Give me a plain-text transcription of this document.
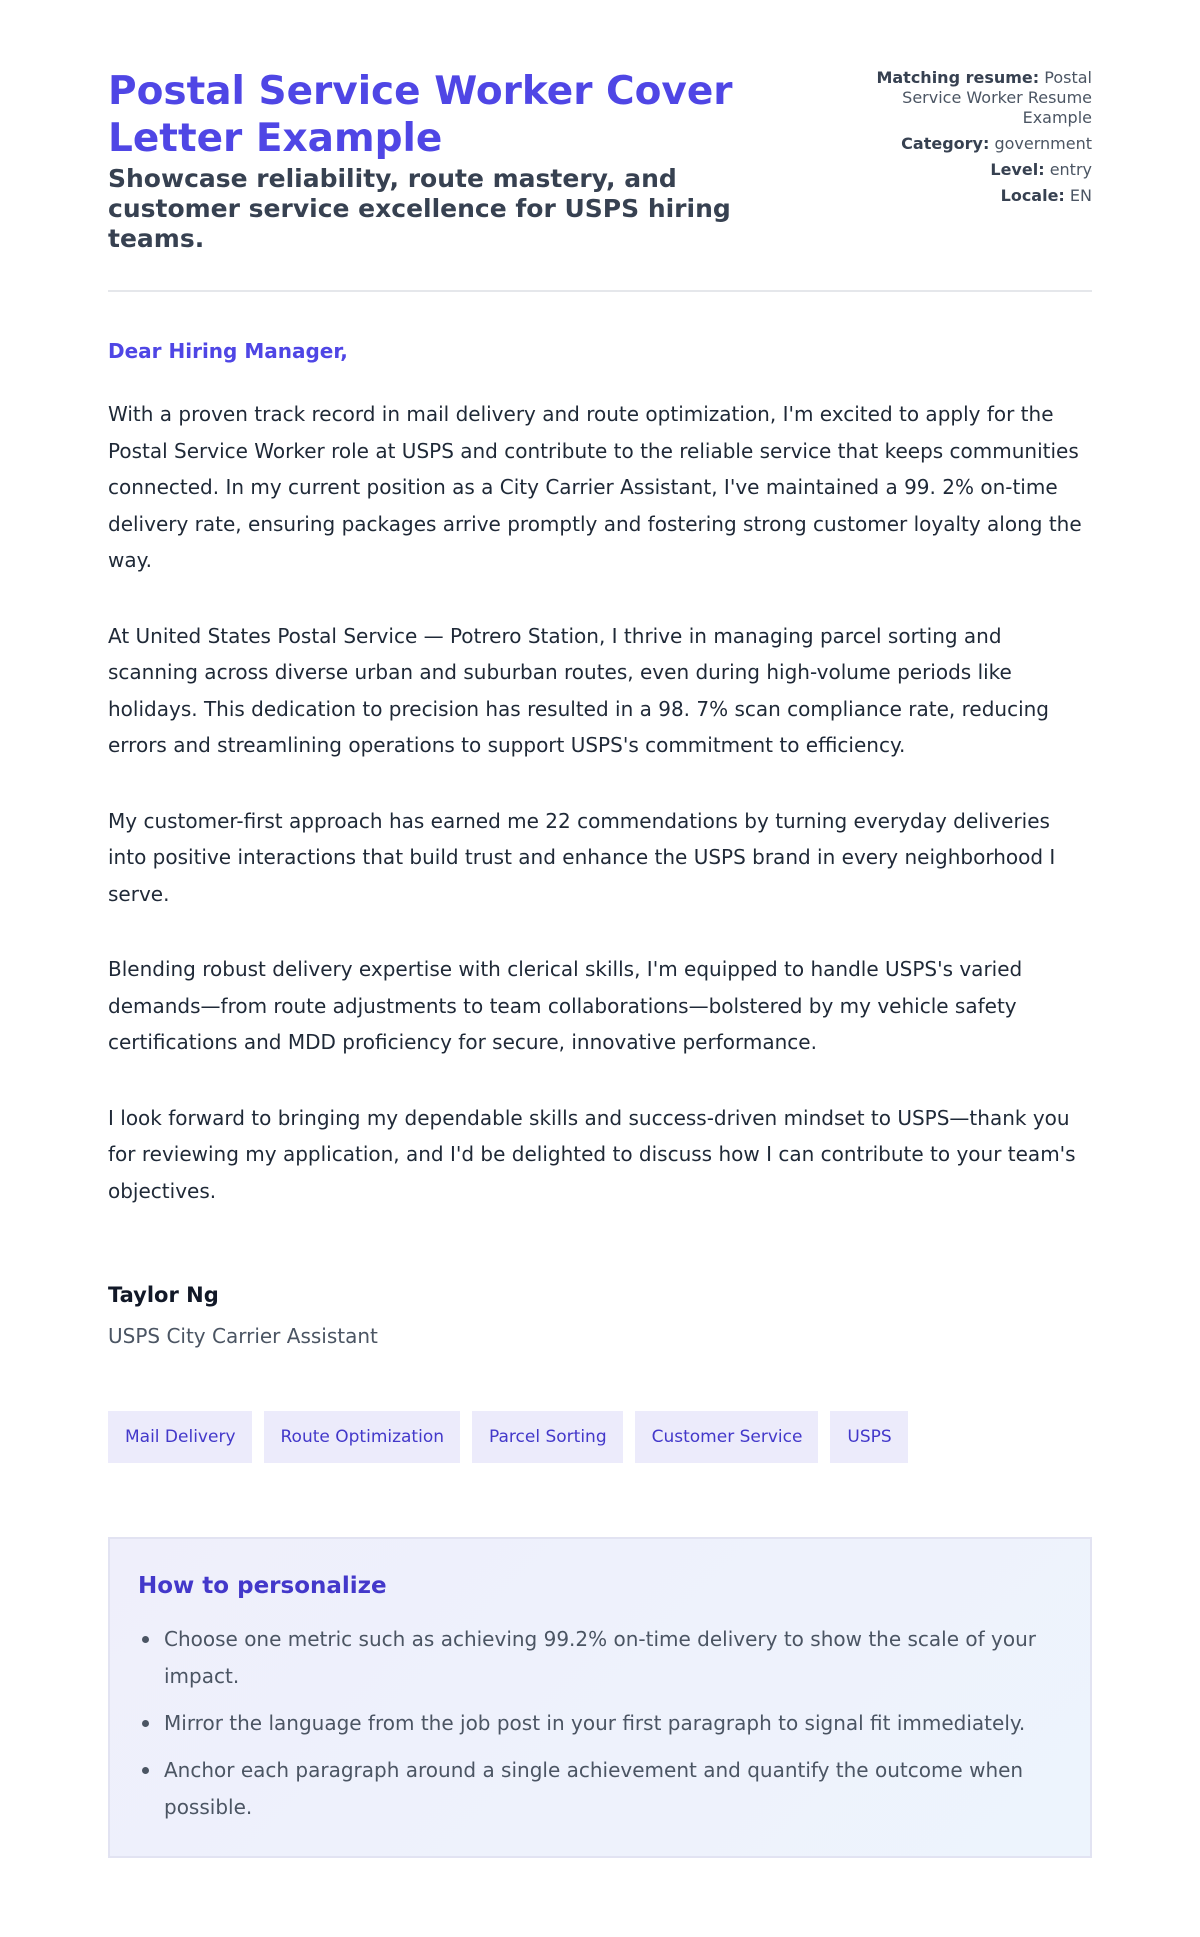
Postal Service Worker Cover Letter Example

Showcase reliability, route mastery, and customer service excellence for USPS hiring teams.

Matching resume: Postal Service Worker Resume Example
Category: government
Level: entry
Locale: EN

Dear Hiring Manager,

With a proven track record in mail delivery and route optimization, I'm excited to apply for the Postal Service Worker role at USPS and contribute to the reliable service that keeps communities connected. In my current position as a City Carrier Assistant, I've maintained a 99. 2% on-time delivery rate, ensuring packages arrive promptly and fostering strong customer loyalty along the way.

At United States Postal Service — Potrero Station, I thrive in managing parcel sorting and scanning across diverse urban and suburban routes, even during high-volume periods like holidays. This dedication to precision has resulted in a 98. 7% scan compliance rate, reducing errors and streamlining operations to support USPS's commitment to efficiency.

My customer-first approach has earned me 22 commendations by turning everyday deliveries into positive interactions that build trust and enhance the USPS brand in every neighborhood I serve.

Blending robust delivery expertise with clerical skills, I'm equipped to handle USPS's varied demands—from route adjustments to team collaborations—bolstered by my vehicle safety certifications and MDD proficiency for secure, innovative performance.

I look forward to bringing my dependable skills and success-driven mindset to USPS—thank you for reviewing my application, and I'd be delighted to discuss how I can contribute to your team's objectives.

Taylor Ng
USPS City Carrier Assistant
Mail Delivery	Route Optimization	Parcel Sorting	Customer Service	USPS
How to personalize
Choose one metric such as achieving 99.2% on-time delivery to show the scale of your impact.
Mirror the language from the job post in your first paragraph to signal fit immediately.
Anchor each paragraph around a single achievement and quantify the outcome when possible.
